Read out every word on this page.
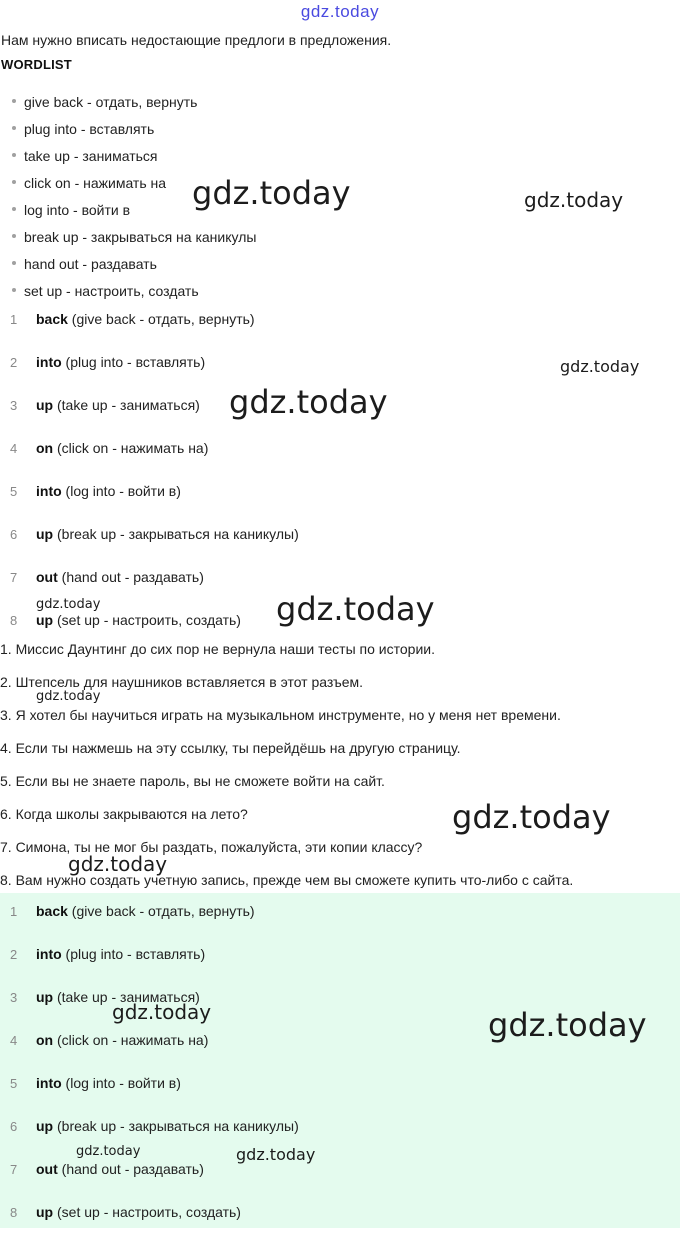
gdz.today
Нам нужно вписать недостающие предлоги в предложения.
WORDLIST
give back - отдать, вернуть
plug into - вставлять
take up - заниматься
click on - нажимать на
log into - войти в
break up - закрываться на каникулы
hand out - раздавать
set up - настроить, создать
1 back (give back - отдать, вернуть)
2 into (plug into - вставлять)
3 up (take up - заниматься)
4 on (click on - нажимать на)
5 into (log into - войти в)
6 up (break up - закрываться на каникулы)
7 out (hand out - раздавать)
8 up (set up - настроить, создать)
1. Миссис Даунтинг до сих пор не вернула наши тесты по истории.
2. Штепсель для наушников вставляется в этот разъем.
3. Я хотел бы научиться играть на музыкальном инструменте, но у меня нет времени.
4. Если ты нажмешь на эту ссылку, ты перейдёшь на другую страницу.
5. Если вы не знаете пароль, вы не сможете войти на сайт.
6. Когда школы закрываются на лето?
7. Симона, ты не мог бы раздать, пожалуйста, эти копии классу?
8. Вам нужно создать учетную запись, прежде чем вы сможете купить что-либо с сайта.
1 back (give back - отдать, вернуть)
2 into (plug into - вставлять)
3 up (take up - заниматься)
4 on (click on - нажимать на)
5 into (log into - войти в)
6 up (break up - закрываться на каникулы)
7 out (hand out - раздавать)
8 up (set up - настроить, создать)
gdz.today	gdz.today
gdz.today
gdz.today
gdz.today	gdz.today
gdz.today
gdz.today
gdz.today
gdz.today	gdz.today
gdz.today	gdz.today
